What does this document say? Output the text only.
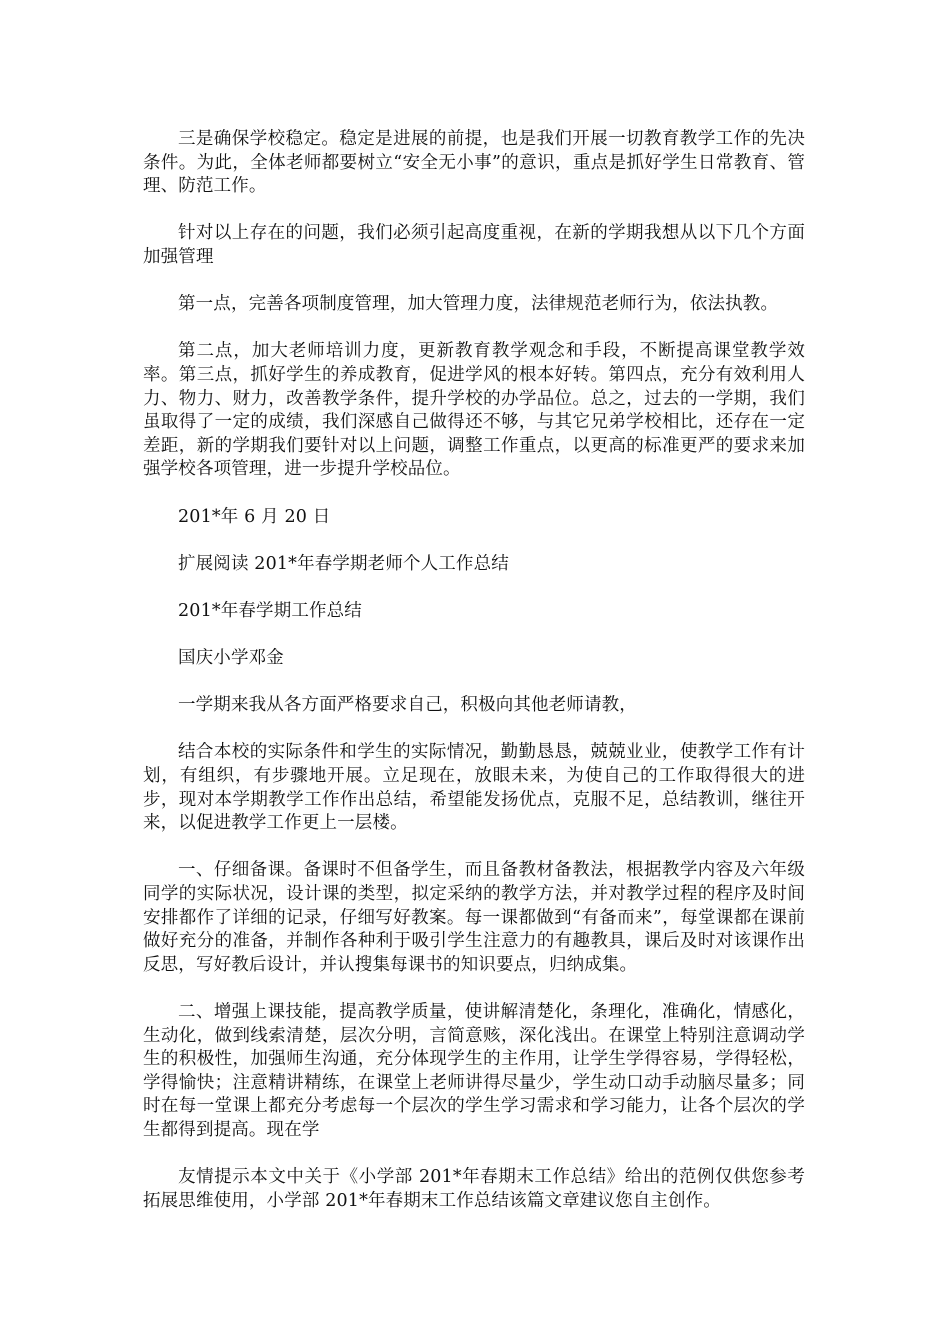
三是确保学校稳定。稳定是进展的前提，也是我们开展一切教育教学工作的先决条件。为此，全体老师都要树立“安全无小事”的意识，重点是抓好学生日常教育、管理、防范工作。

针对以上存在的问题，我们必须引起高度重视，在新的学期我想从以下几个方面加强管理

第一点，完善各项制度管理，加大管理力度，法律规范老师行为，依法执教。

第二点，加大老师培训力度，更新教育教学观念和手段，不断提高课堂教学效率。第三点，抓好学生的养成教育，促进学风的根本好转。第四点，充分有效利用人力、物力、财力，改善教学条件，提升学校的办学品位。总之，过去的一学期，我们虽取得了一定的成绩，我们深感自己做得还不够，与其它兄弟学校相比，还存在一定差距，新的学期我们要针对以上问题，调整工作重点，以更高的标准更严的要求来加强学校各项管理，进一步提升学校品位。

201*年 6 月 20 日

扩展阅读 201*年春学期老师个人工作总结

201*年春学期工作总结

国庆小学邓金

一学期来我从各方面严格要求自己，积极向其他老师请教，

结合本校的实际条件和学生的实际情况，勤勤恳恳，兢兢业业，使教学工作有计划，有组织，有步骤地开展。立足现在，放眼未来，为使自己的工作取得很大的进步，现对本学期教学工作作出总结，希望能发扬优点，克服不足，总结教训，继往开来，以促进教学工作更上一层楼。

一、仔细备课。备课时不但备学生，而且备教材备教法，根据教学内容及六年级同学的实际状况，设计课的类型，拟定采纳的教学方法，并对教学过程的程序及时间安排都作了详细的记录，仔细写好教案。每一课都做到“有备而来”，每堂课都在课前做好充分的准备，并制作各种利于吸引学生注意力的有趣教具，课后及时对该课作出反思，写好教后设计，并认搜集每课书的知识要点，归纳成集。

二、增强上课技能，提高教学质量，使讲解清楚化，条理化，准确化，情感化，生动化，做到线索清楚，层次分明，言简意赅，深化浅出。在课堂上特别注意调动学生的积极性，加强师生沟通，充分体现学生的主作用，让学生学得容易，学得轻松，学得愉快；注意精讲精练，在课堂上老师讲得尽量少，学生动口动手动脑尽量多；同时在每一堂课上都充分考虑每一个层次的学生学习需求和学习能力，让各个层次的学生都得到提高。现在学

友情提示本文中关于《小学部 201*年春期末工作总结》给出的范例仅供您参考拓展思维使用，小学部 201*年春期末工作总结该篇文章建议您自主创作。
